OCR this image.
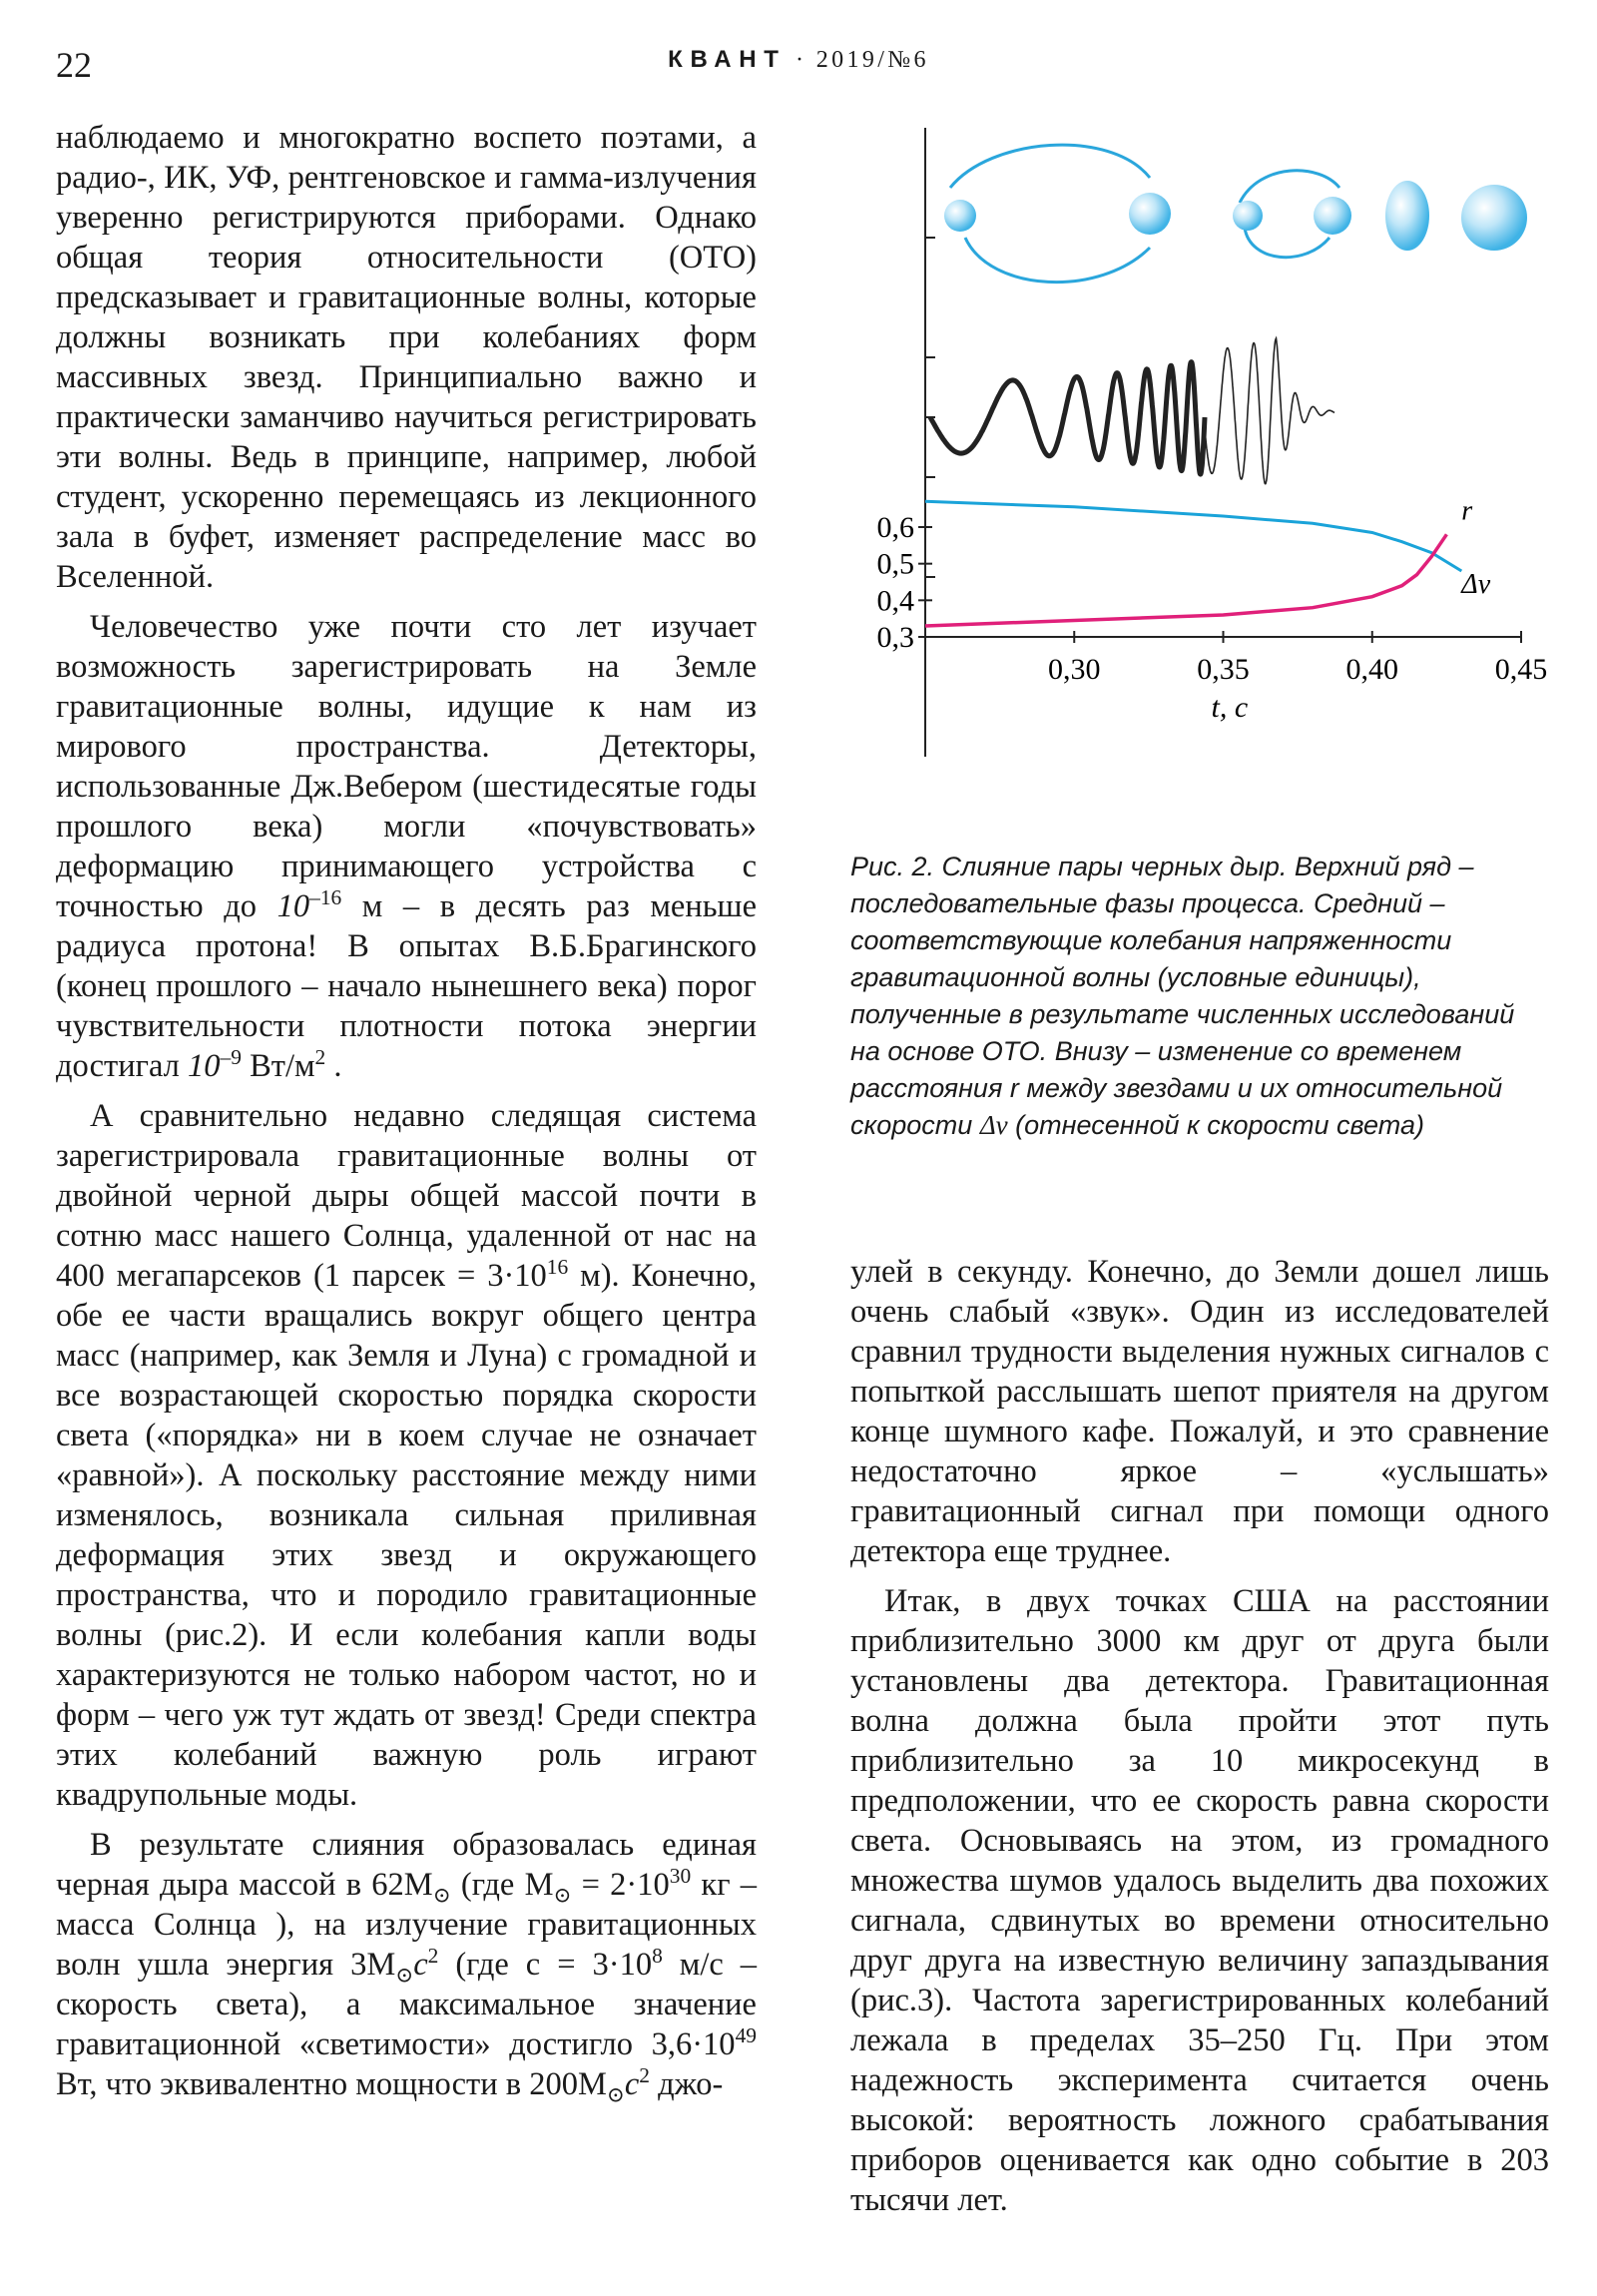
22	КВАНТ · 2019/№6

наблюдаемо и многократно воспето поэтами, а радио-, ИК, УФ, рентгеновское и гамма-излучения уверенно регистрируются приборами. Однако общая теория относительности (ОТО) предсказывает и гравитационные волны, которые должны возникать при колебаниях форм массивных звезд. Принципиально важно и практически заманчиво научиться регистрировать эти волны. Ведь в принципе, например, любой студент, ускоренно перемещаясь из лекционного зала в буфет, изменяет распределение масс во Вселенной.

Человечество уже почти сто лет изучает возможность зарегистрировать на Земле гравитационные волны, идущие к нам из мирового пространства. Детекторы, использованные Дж.Вебером (шестидесятые годы прошлого века) могли «почувствовать» деформацию принимающего устройства с точностью до $10^{-16}$ м – в десять раз меньше радиуса протона! В опытах В.Б.Брагинского (конец прошлого – начало нынешнего века) порог чувствительности плотности потока энергии достигал $10^{-9}$ $Вт/м^2$ .

А сравнительно недавно следящая система зарегистрировала гравитационные волны от двойной черной дыры общей массой почти в сотню масс нашего Солнца, удаленной от нас на 400 мегапарсеков (1 парсек = $3\cdot 10^{16}$ м). Конечно, обе ее части вращались вокруг общего центра масс (например, как Земля и Луна) с громадной и все возрастающей скоростью порядка скорости света («порядка» ни в коем случае не означает «равной»). А поскольку расстояние между ними изменялось, возникала сильная приливная деформация этих звезд и окружающего пространства, что и породило гравитационные волны (рис.2). И если колебания капли воды характеризуются не только набором частот, но и форм – чего уж тут ждать от звезд! Среди спектра этих колебаний важную роль играют квадрупольные моды.

В результате слияния образовалась единая черная дыра массой в $62M_⊙$ (где $M_⊙ = 2\cdot 10^{30}$ кг – масса Солнца ), на излучение гравитационных волн ушла энергия $3M_⊙c^2$ (где $c = 3\cdot 10^8$ м/с – скорость света), а максимальное значение гравитационной «светимости» достигло $3,6\cdot 10^{49}$ Вт, что эквивалентно мощности в $200M_⊙c^2$ джо-

0,6
0,5
0,4
0,3
0,30	0,35	0,40	0,45
r
Δv
t, c
Рис. 2. Слияние пары черных дыр. Верхний ряд – последовательные фазы процесса. Средний – соответствующие колебания напряженности гравитационной волны (условные единицы), полученные в результате численных исследований на основе ОТО. Внизу – изменение со временем расстояния r между звездами и их относительной скорости Δv (отнесенной к скорости света)

улей в секунду. Конечно, до Земли дошел лишь очень слабый «звук». Один из исследователей сравнил трудности выделения нужных сигналов с попыткой расслышать шепот приятеля на другом конце шумного кафе. Пожалуй, и это сравнение недостаточно яркое – «услышать» гравитационный сигнал при помощи одного детектора еще труднее.

Итак, в двух точках США на расстоянии приблизительно 3000 км друг от друга были установлены два детектора. Гравитационная волна должна была пройти этот путь приблизительно за 10 микросекунд в предположении, что ее скорость равна скорости света. Основываясь на этом, из громадного множества шумов удалось выделить два похожих сигнала, сдвинутых во времени относительно друг друга на известную величину запаздывания (рис.3). Частота зарегистрированных колебаний лежала в пределах 35–250 Гц. При этом надежность эксперимента считается очень высокой: вероятность ложного срабатывания приборов оценивается как одно событие в 203 тысячи лет.
